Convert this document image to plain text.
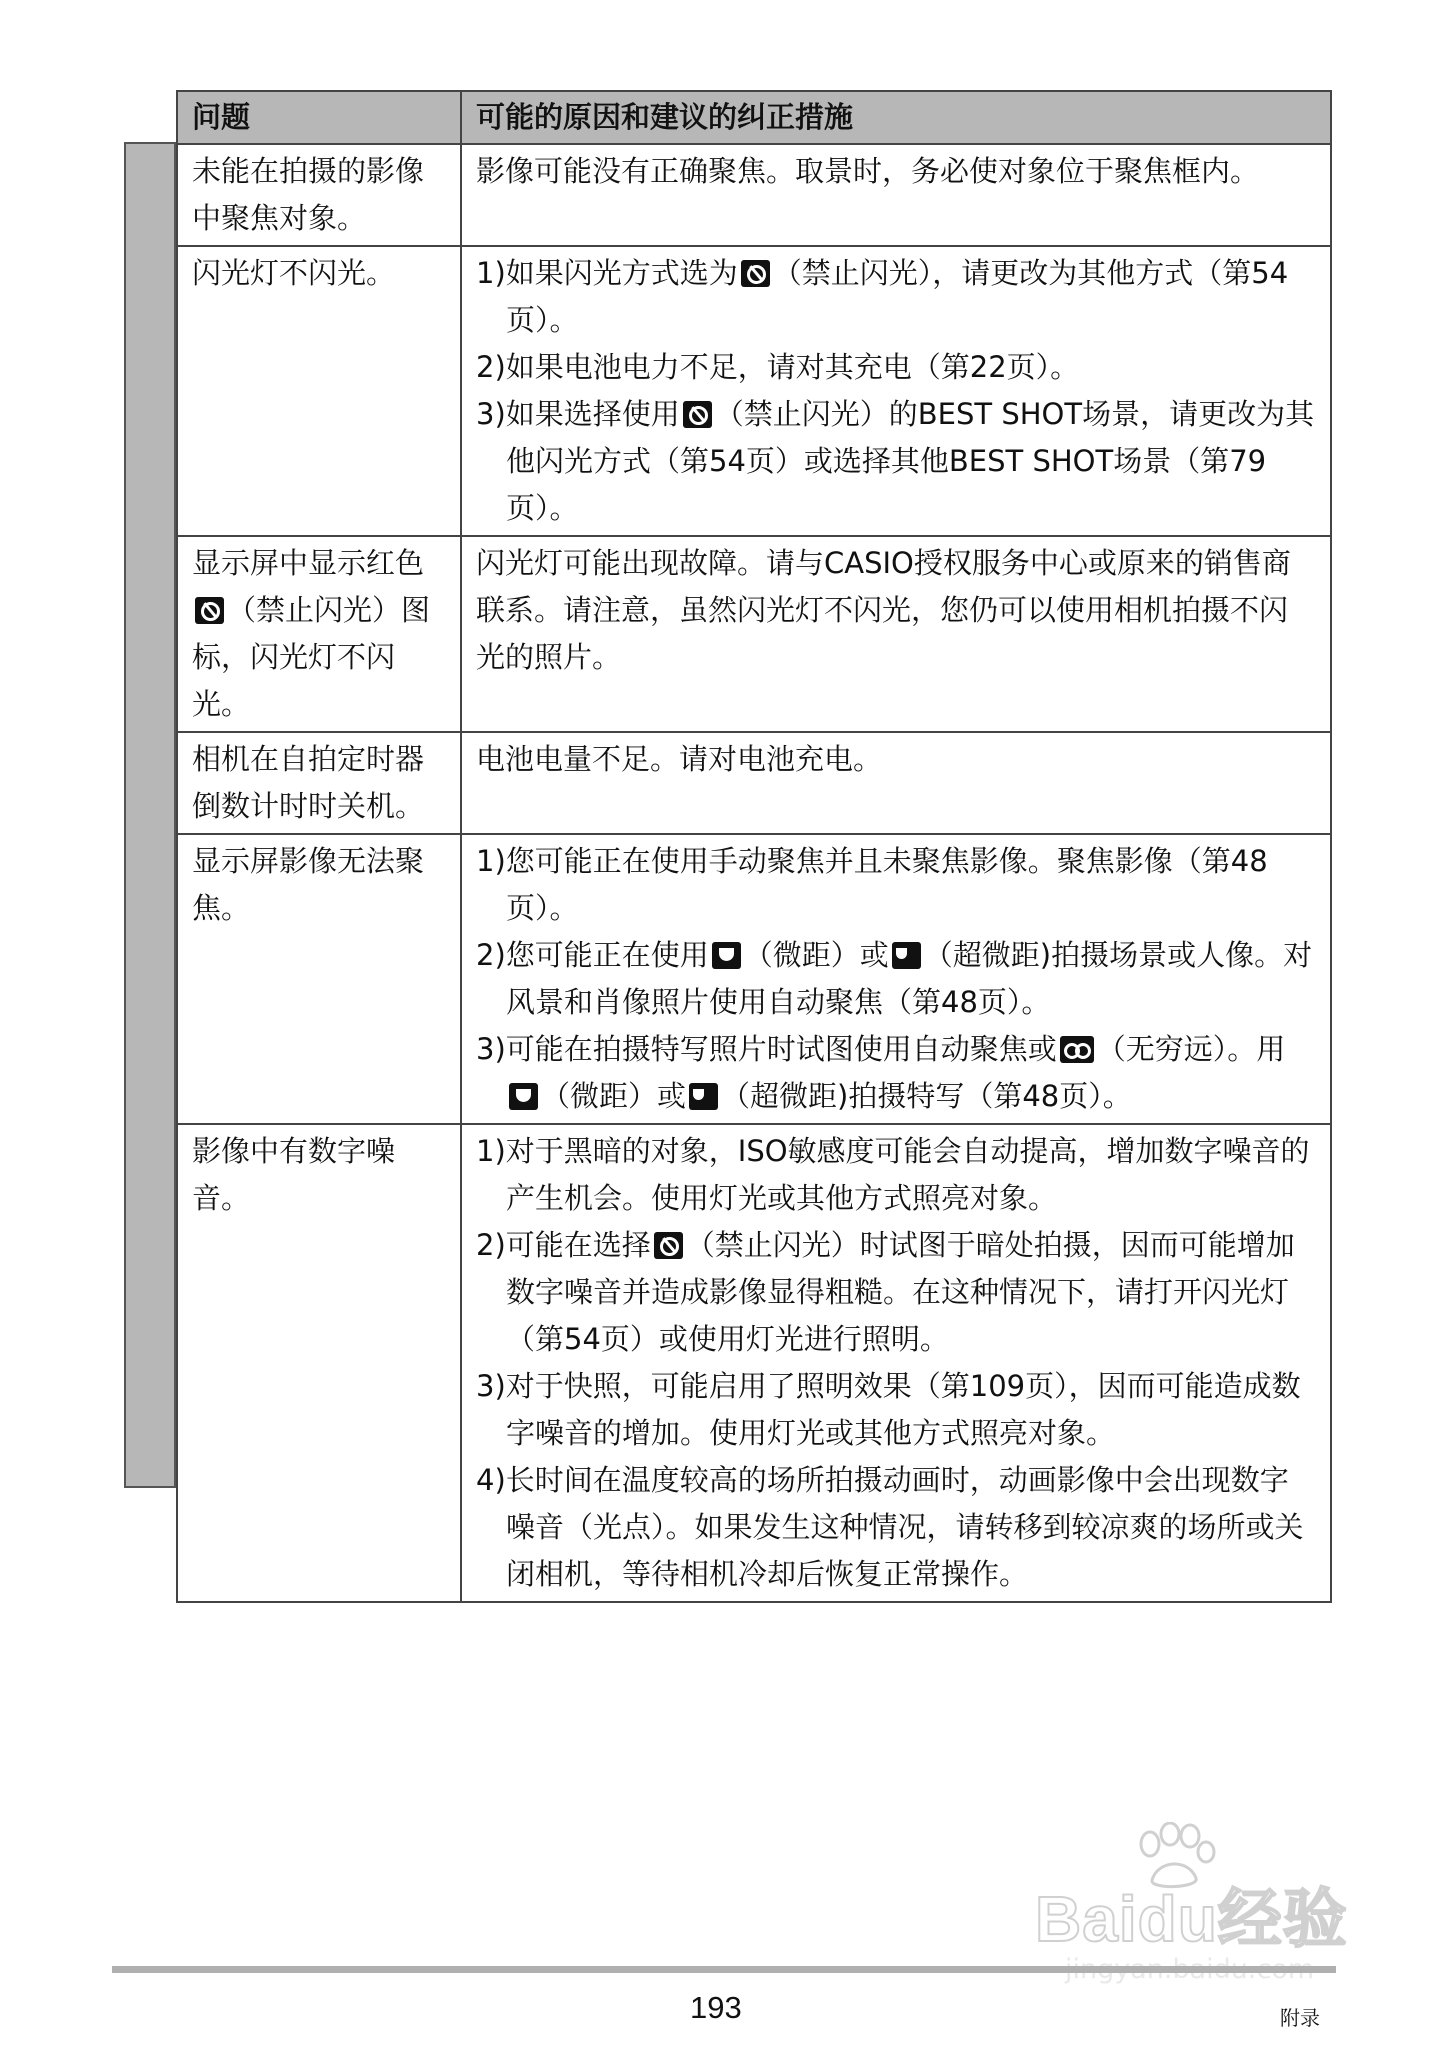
问题	可能的原因和建议的纠正措施
未能在拍摄的影像中聚焦对象。	影像可能没有正确聚焦。取景时，务必使对象位于聚焦框内。
闪光灯不闪光。	1)如果闪光方式选为 （禁止闪光），请更改为其他方式（第54页）。
2)如果电池电力不足，请对其充电（第22页）。
3)如果选择使用 （禁止闪光）的BEST SHOT场景，请更改为其他闪光方式（第54页）或选择其他BEST SHOT场景（第79页）。

显示屏中显示红色（禁止闪光）图标，闪光灯不闪光。	闪光灯可能出现故障。请与CASIO授权服务中心或原来的销售商联系。请注意，虽然闪光灯不闪光，您仍可以使用相机拍摄不闪光的照片。
相机在自拍定时器倒数计时时关机。	电池电量不足。请对电池充电。
显示屏影像无法聚焦。	1)您可能正在使用手动聚焦并且未聚焦影像。聚焦影像（第48页）。
2)您可能正在使用 （微距）或 S （超微距)拍摄场景或人像。对风景和肖像照片使用自动聚焦（第48页）。
3)可能在拍摄特写照片时试图使用自动聚焦或 （无穷远）。用（微距）或 S （超微距)拍摄特写（第48页）。

影像中有数字噪音。	1)对于黑暗的对象，ISO敏感度可能会自动提高，增加数字噪音的产生机会。使用灯光或其他方式照亮对象。
2)可能在选择 （禁止闪光）时试图于暗处拍摄，因而可能增加数字噪音并造成影像显得粗糙。在这种情况下，请打开闪光灯（第54页）或使用灯光进行照明。
3)对于快照，可能启用了照明效果（第109页），因而可能造成数字噪音的增加。使用灯光或其他方式照亮对象。
4)长时间在温度较高的场所拍摄动画时，动画影像中会出现数字噪音（光点）。如果发生这种情况，请转移到较凉爽的场所或关闭相机，等待相机冷却后恢复正常操作。
Baidu经验
193	附录
